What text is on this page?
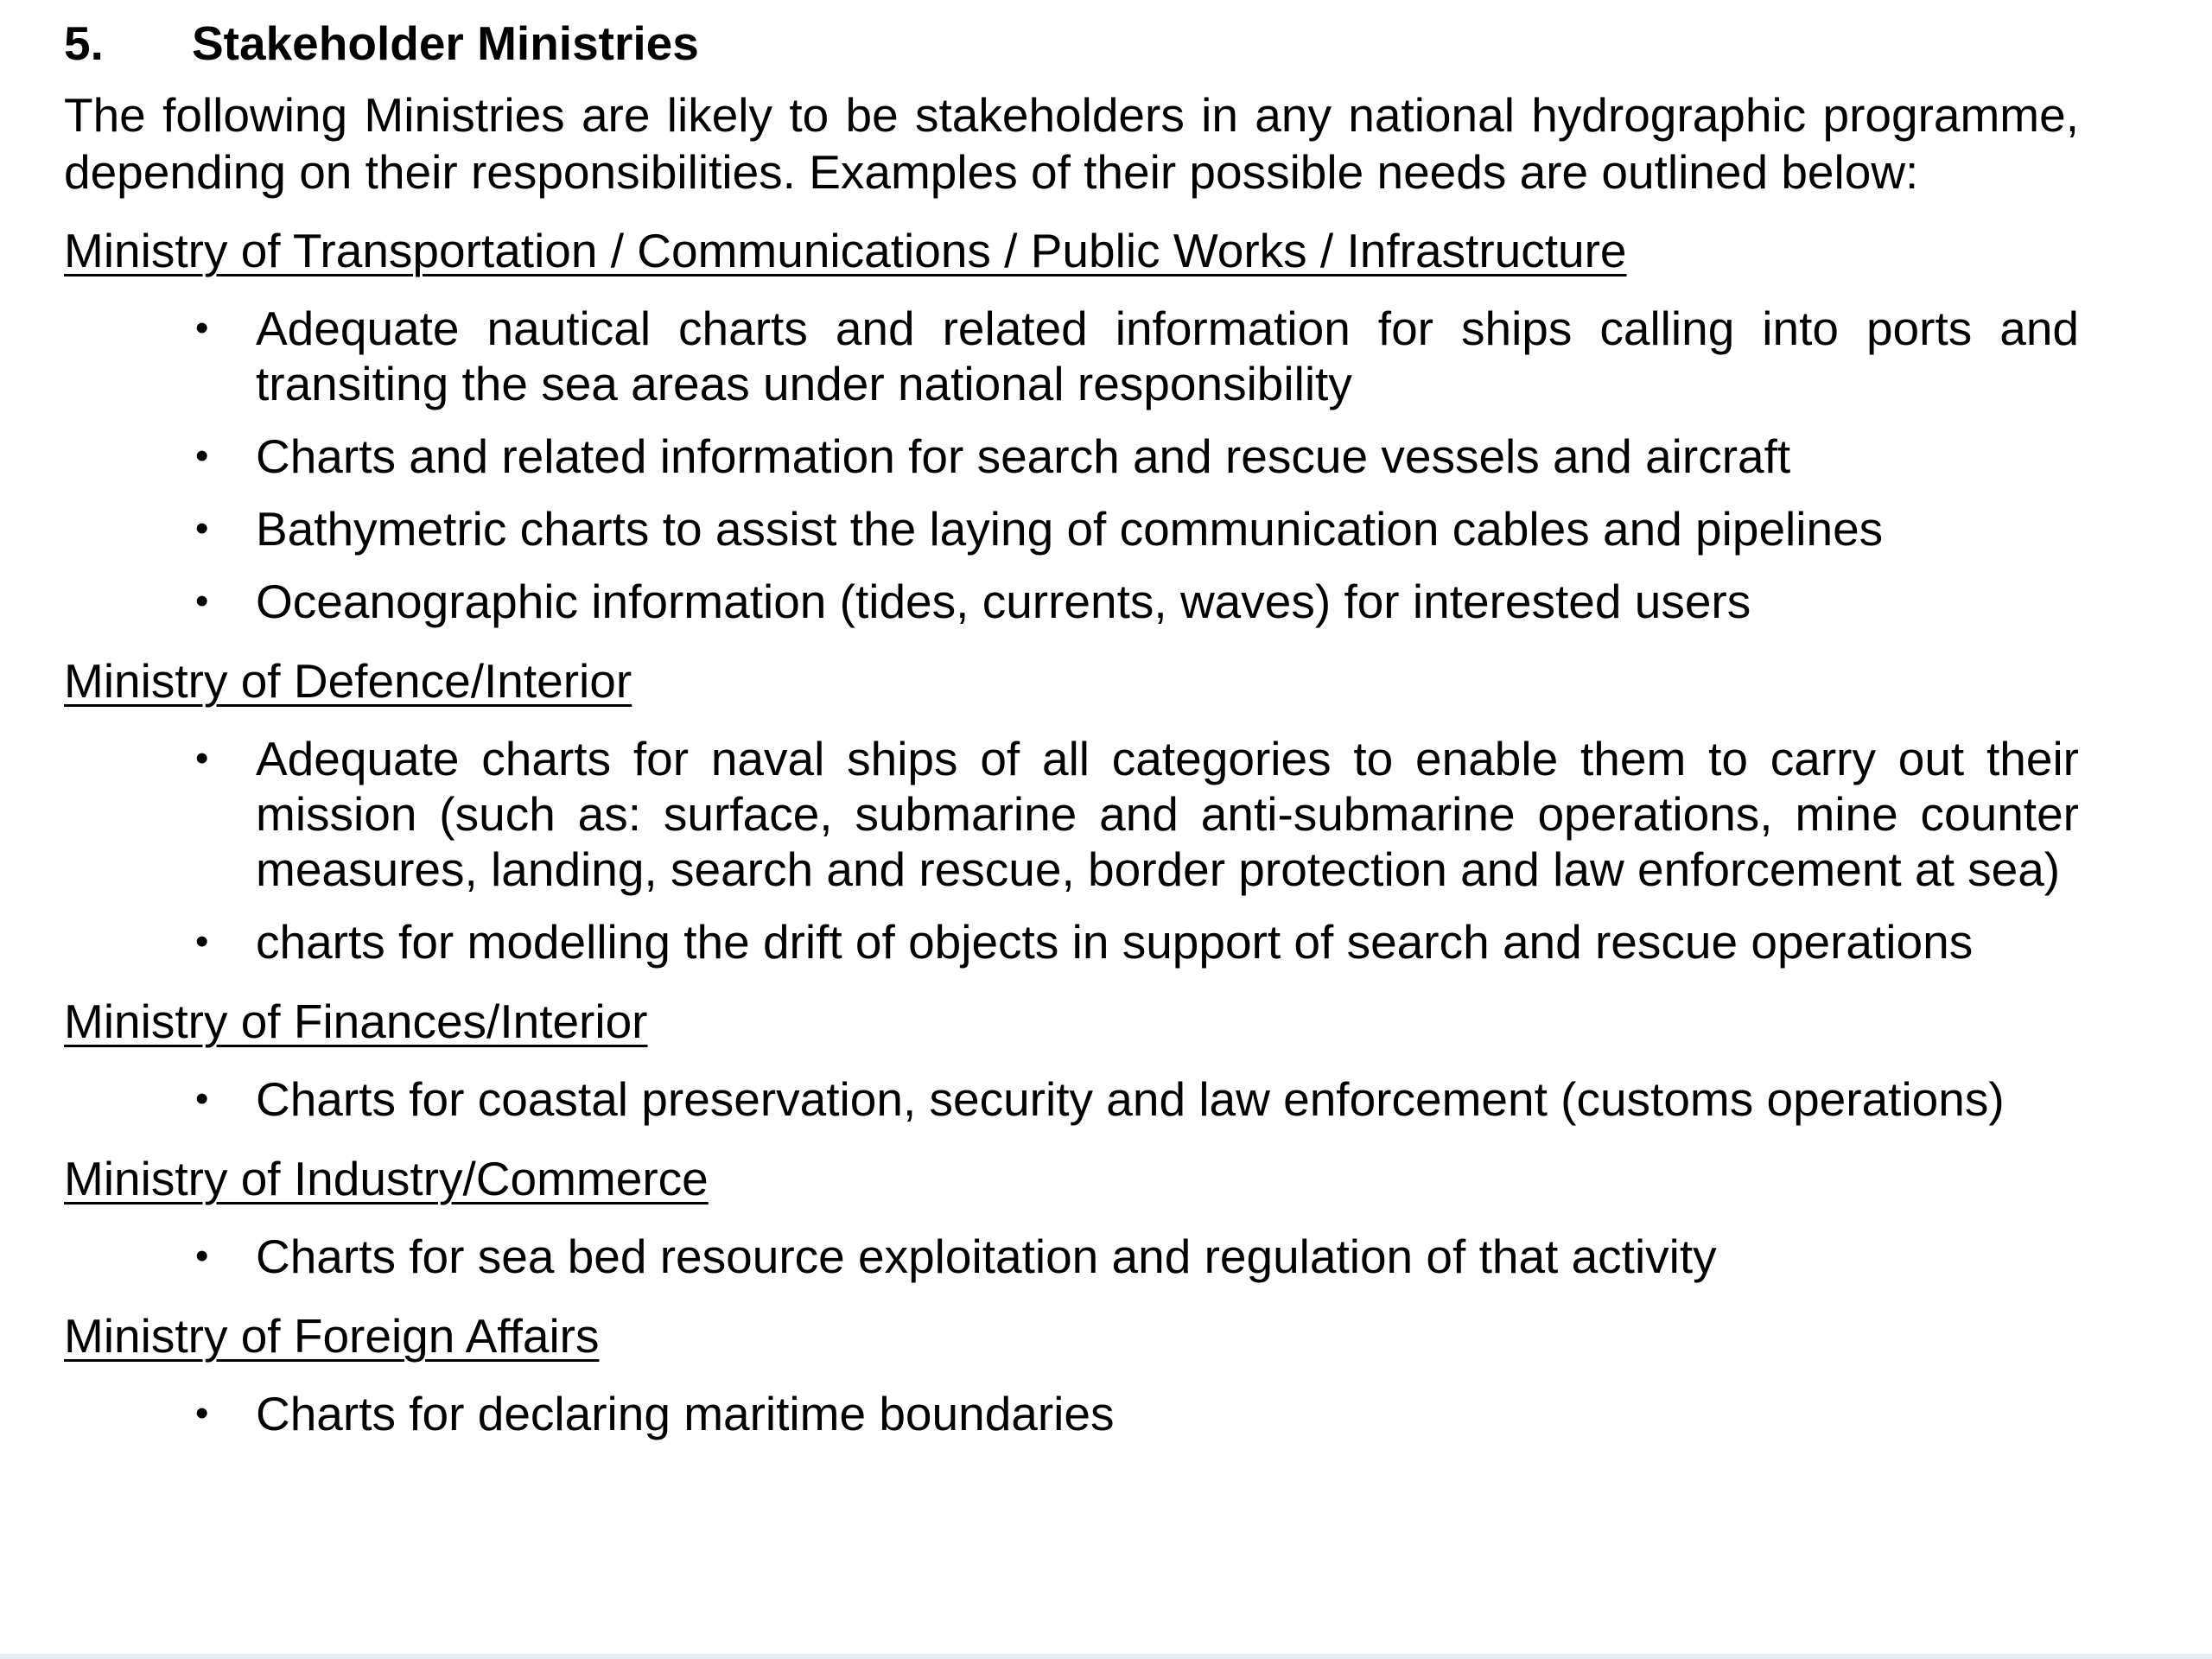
5.	Stakeholder Ministries

The following Ministries are likely to be stakeholders in any national hydrographic programme, depending on their responsibilities. Examples of their possible needs are outlined below:

Ministry of Transportation / Communications / Public Works / Infrastructure
• Adequate nautical charts and related information for ships calling into ports and transiting the sea areas under national responsibility
• Charts and related information for search and rescue vessels and aircraft
• Bathymetric charts to assist the laying of communication cables and pipelines
• Oceanographic information (tides, currents, waves) for interested users
Ministry of Defence/Interior
• Adequate charts for naval ships of all categories to enable them to carry out their mission (such as: surface, submarine and anti-submarine operations, mine counter measures, landing, search and rescue, border protection and law enforcement at sea)
• charts for modelling the drift of objects in support of search and rescue operations
Ministry of Finances/Interior
• Charts for coastal preservation, security and law enforcement (customs operations)
Ministry of Industry/Commerce
• Charts for sea bed resource exploitation and regulation of that activity
Ministry of Foreign Affairs
• Charts for declaring maritime boundaries
